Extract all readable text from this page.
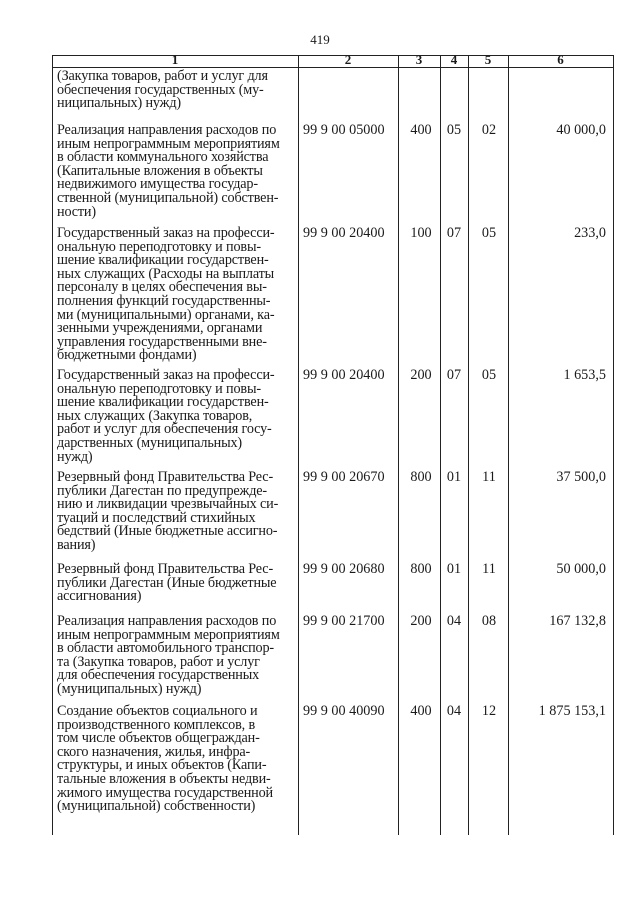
419
1	2	3	4	5	6
(Закупка товаров, работ и услуг для
обеспечения государственных (му-
ниципальных) нужд)
Реализация направления расходов по
иным непрограммным мероприятиям
в области коммунального хозяйства
(Капитальные вложения в объекты
недвижимого имущества государ-
ственной (муниципальной) собствен-
ности)
99 9 00 05000	400	05	02	40 000,0
Государственный заказ на професси-
ональную переподготовку и повы-
шение квалификации государствен-
ных служащих (Расходы на выплаты
персоналу в целях обеспечения вы-
полнения функций государственны-
ми (муниципальными) органами, ка-
зенными учреждениями, органами
управления государственными вне-
бюджетными фондами)
99 9 00 20400	100	07	05	233,0
Государственный заказ на професси-
ональную переподготовку и повы-
шение квалификации государствен-
ных служащих (Закупка товаров,
работ и услуг для обеспечения госу-
дарственных (муниципальных)
нужд)
99 9 00 20400	200	07	05	1 653,5
Резервный фонд Правительства Рес-
публики Дагестан по предупрежде-
нию и ликвидации чрезвычайных си-
туаций и последствий стихийных
бедствий (Иные бюджетные ассигно-
вания)
99 9 00 20670	800	01	11	37 500,0
Резервный фонд Правительства Рес-
публики Дагестан (Иные бюджетные
ассигнования)
99 9 00 20680	800	01	11	50 000,0
Реализация направления расходов по
иным непрограммным мероприятиям
в области автомобильного транспор-
та (Закупка товаров, работ и услуг
для обеспечения государственных
(муниципальных) нужд)
99 9 00 21700	200	04	08	167 132,8
Создание объектов социального и
производственного комплексов, в
том числе объектов общеграждан-
ского назначения, жилья, инфра-
структуры, и иных объектов (Капи-
тальные вложения в объекты недви-
жимого имущества государственной
(муниципальной) собственности)
99 9 00 40090	400	04	12	1 875 153,1
